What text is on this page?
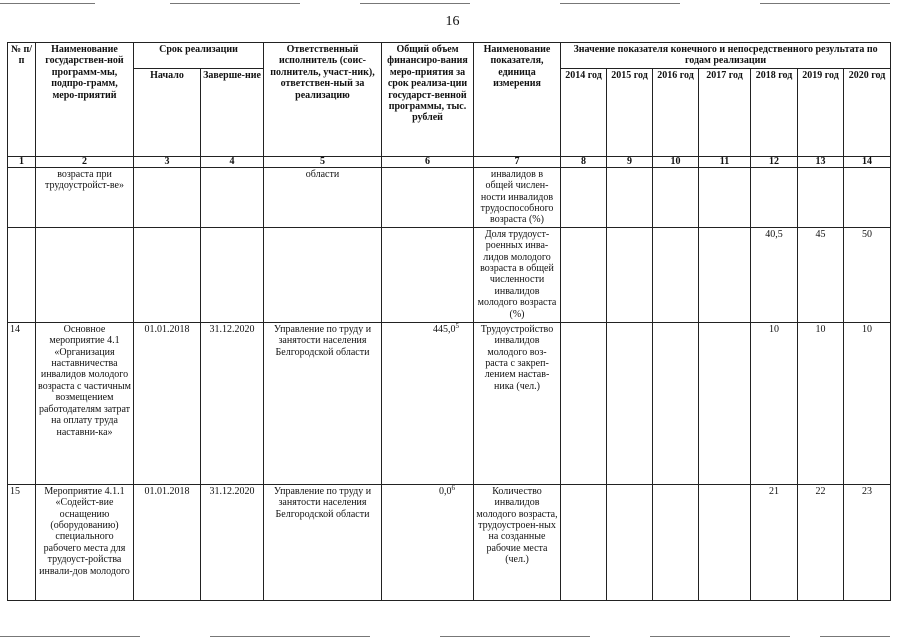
16
№ п/п	Наименование государствен-ной программ-мы, подпро-грамм, меро-приятий	Срок реализации		Ответственный исполнитель (соис-полнитель, участ-ник), ответствен-ный за реализацию	Общий объем финансиро-вания меро-приятия за срок реализа-ции государст-венной программы, тыс. рублей	Наименование показателя, единица измерения	Значение показателя конечного и непосредственного результата по годам реализации						
		Начало	Заверше-ние				2014 год	2015 год	2016 год	2017 год	2018 год	2019 год	2020 год
1	2	3	4	5	6	7	8	9	10	11	12	13	14
	возраста при трудоустройст-ве»			области		инвалидов в общей числен-ности инвалидов трудоспособного возраста (%)							
						Доля трудоуст-роенных инва-лидов молодого возраста в общей численности инвалидов молодого возраста (%)					40,5	45	50
14	Основное мероприятие 4.1 «Организация наставничества инвалидов молодого возраста с частичным возмещением работодателям затрат на оплату труда наставни-ка»	01.01.2018	31.12.2020	Управление по труду и занятости населения Белгородской области	445,0$^5$	Трудоустройство инвалидов молодого воз-раста с закреп-лением настав-ника (чел.)					10	10	10
15	Мероприятие 4.1.1 «Содейст-вие оснащению (оборудованию) специального рабочего места для трудоуст-ройства инвали-дов молодого	01.01.2018	31.12.2020	Управление по труду и занятости населения Белгородской области	$0,0^6$	Количество инвалидов молодого возраста, трудоустроен-ных на созданные рабочие места (чел.)					21	22	23
